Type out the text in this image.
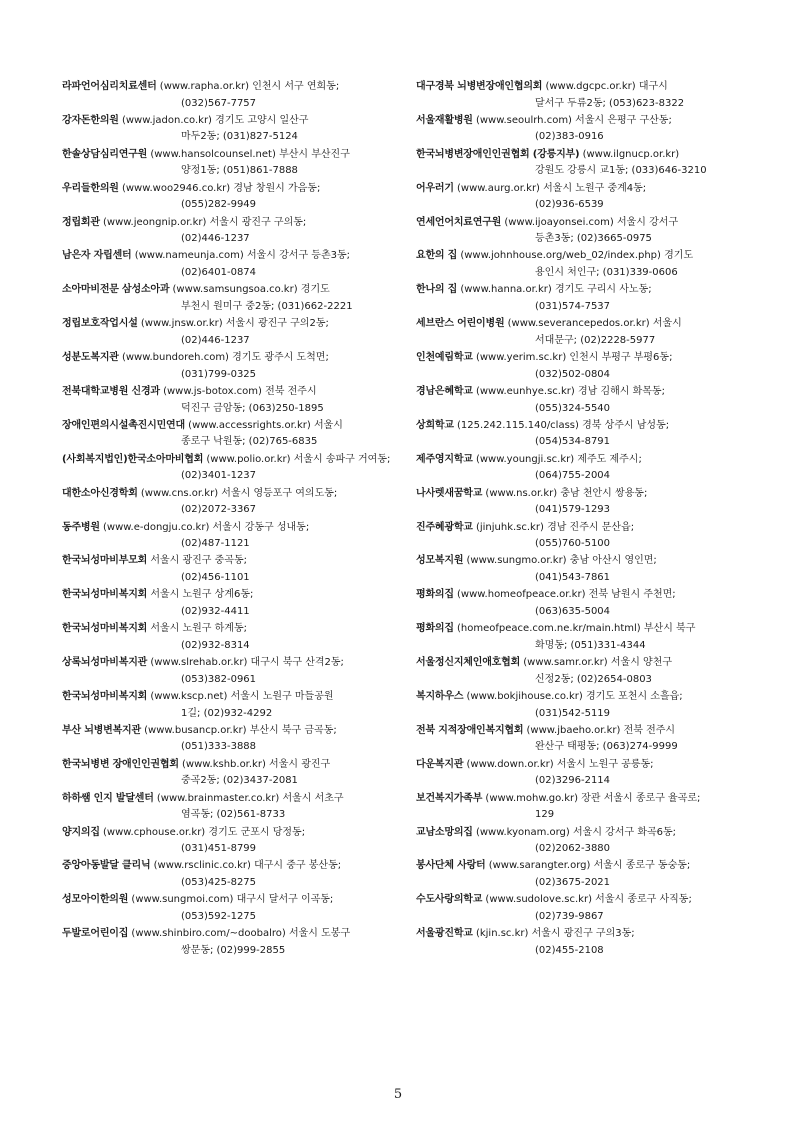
라파언어심리치료센터 (www.rapha.or.kr) 인천시 서구 연희동;
(032)567-7757
강자돈한의원 (www.jadon.co.kr) 경기도 고양시 일산구
마두2동; (031)827-5124
한솔상담심리연구원 (www.hansolcounsel.net) 부산시 부산진구
양정1동; (051)861-7888
우리들한의원 (www.woo2946.co.kr) 경남 창원시 가음동;
(055)282-9949
정립회관 (www.jeongnip.or.kr) 서울시 광진구 구의동;
(02)446-1237
남은자 자립센터 (www.nameunja.com) 서울시 강서구 등촌3동;
(02)6401-0874
소아마비전문 삼성소아과 (www.samsungsoa.co.kr) 경기도
부천시 원미구 중2동; (031)662-2221
정립보호작업시설 (www.jnsw.or.kr) 서울시 광진구 구의2동;
(02)446-1237
성분도복지관 (www.bundoreh.com) 경기도 광주시 도척면;
(031)799-0325
전북대학교병원 신경과 (www.js-botox.com) 전북 전주시
덕진구 금암동; (063)250-1895
장애인편의시설촉진시민연대 (www.accessrights.or.kr) 서울시
종로구 낙원동; (02)765-6835
(사회복지법인)한국소아마비협회 (www.polio.or.kr) 서울시 송파구 거여동;
(02)3401-1237
대한소아신경학회 (www.cns.or.kr) 서울시 영등포구 여의도동;
(02)2072-3367
동주병원 (www.e-dongju.co.kr) 서울시 강동구 성내동;
(02)487-1121
한국뇌성마비부모회 서울시 광진구 중곡동;
(02)456-1101
한국뇌성마비복지회 서울시 노원구 상계6동;
(02)932-4411
한국뇌성마비복지회 서울시 노원구 하계동;
(02)932-8314
상록뇌성마비복지관 (www.slrehab.or.kr) 대구시 북구 산격2동;
(053)382-0961
한국뇌성마비복지회 (www.kscp.net) 서울시 노원구 마들공원
1길; (02)932-4292
부산 뇌병변복지관 (www.busancp.or.kr) 부산시 북구 금곡동;
(051)333-3888
한국뇌병변 장애인인권협회 (www.kshb.or.kr) 서울시 광진구
중곡2동; (02)3437-2081
하하쌤 인지 발달센터 (www.brainmaster.co.kr) 서울시 서초구
염곡동; (02)561-8733
양지의집 (www.cphouse.or.kr) 경기도 군포시 당정동;
(031)451-8799
중앙아동발달 클리닉 (www.rsclinic.co.kr) 대구시 중구 봉산동;
(053)425-8275
성모아이한의원 (www.sungmoi.com) 대구시 달서구 이곡동;
(053)592-1275
두발로어린이집 (www.shinbiro.com/~doobalro) 서울시 도봉구
쌍문동; (02)999-2855
대구경북 뇌병변장애인협의회 (www.dgcpc.or.kr) 대구시
달서구 두류2동; (053)623-8322
서울재활병원 (www.seoulrh.com) 서울시 은평구 구산동;
(02)383-0916
한국뇌병변장애인인권협회 (강릉지부) (www.ilgnucp.or.kr)
강원도 강릉시 교1동; (033)646-3210
어우러기 (www.aurg.or.kr) 서울시 노원구 중계4동;
(02)936-6539
연세언어치료연구원 (www.ijoayonsei.com) 서울시 강서구
등촌3동; (02)3665-0975
요한의 집 (www.johnhouse.org/web_02/index.php) 경기도
용인시 처인구; (031)339-0606
한나의 집 (www.hanna.or.kr) 경기도 구리시 사노동;
(031)574-7537
세브란스 어린이병원 (www.severancepedos.or.kr) 서울시
서대문구; (02)2228-5977
인천예림학교 (www.yerim.sc.kr) 인천시 부평구 부평6동;
(032)502-0804
경남은혜학교 (www.eunhye.sc.kr) 경남 김해시 화목동;
(055)324-5540
상희학교 (125.242.115.140/class) 경북 상주시 남성동;
(054)534-8791
제주영지학교 (www.youngji.sc.kr) 제주도 제주시;
(064)755-2004
나사렛새꿈학교 (www.ns.or.kr) 충남 천안시 쌍용동;
(041)579-1293
진주혜광학교 (jinjuhk.sc.kr) 경남 진주시 문산읍;
(055)760-5100
성모복지원 (www.sungmo.or.kr) 충남 아산시 영인면;
(041)543-7861
평화의집 (www.homeofpeace.or.kr) 전북 남원시 주천면;
(063)635-5004
평화의집 (homeofpeace.com.ne.kr/main.html) 부산시 북구
화명동; (051)331-4344
서울정신지체인애호협회 (www.samr.or.kr) 서울시 양천구
신정2동; (02)2654-0803
복지하우스 (www.bokjihouse.co.kr) 경기도 포천시 소흘읍;
(031)542-5119
전북 지적장애인복지협회 (www.jbaeho.or.kr) 전북 전주시
완산구 태평동; (063)274-9999
다운복지관 (www.down.or.kr) 서울시 노원구 공릉동;
(02)3296-2114
보건복지가족부 (www.mohw.go.kr) 장관 서울시 종로구 율곡로;
129
교남소망의집 (www.kyonam.org) 서울시 강서구 화곡6동;
(02)2062-3880
봉사단체 사랑터 (www.sarangter.org) 서울시 종로구 동숭동;
(02)3675-2021
수도사랑의학교 (www.sudolove.sc.kr) 서울시 종로구 사직동;
(02)739-9867
서울광진학교 (kjin.sc.kr) 서울시 광진구 구의3동;
(02)455-2108
5
